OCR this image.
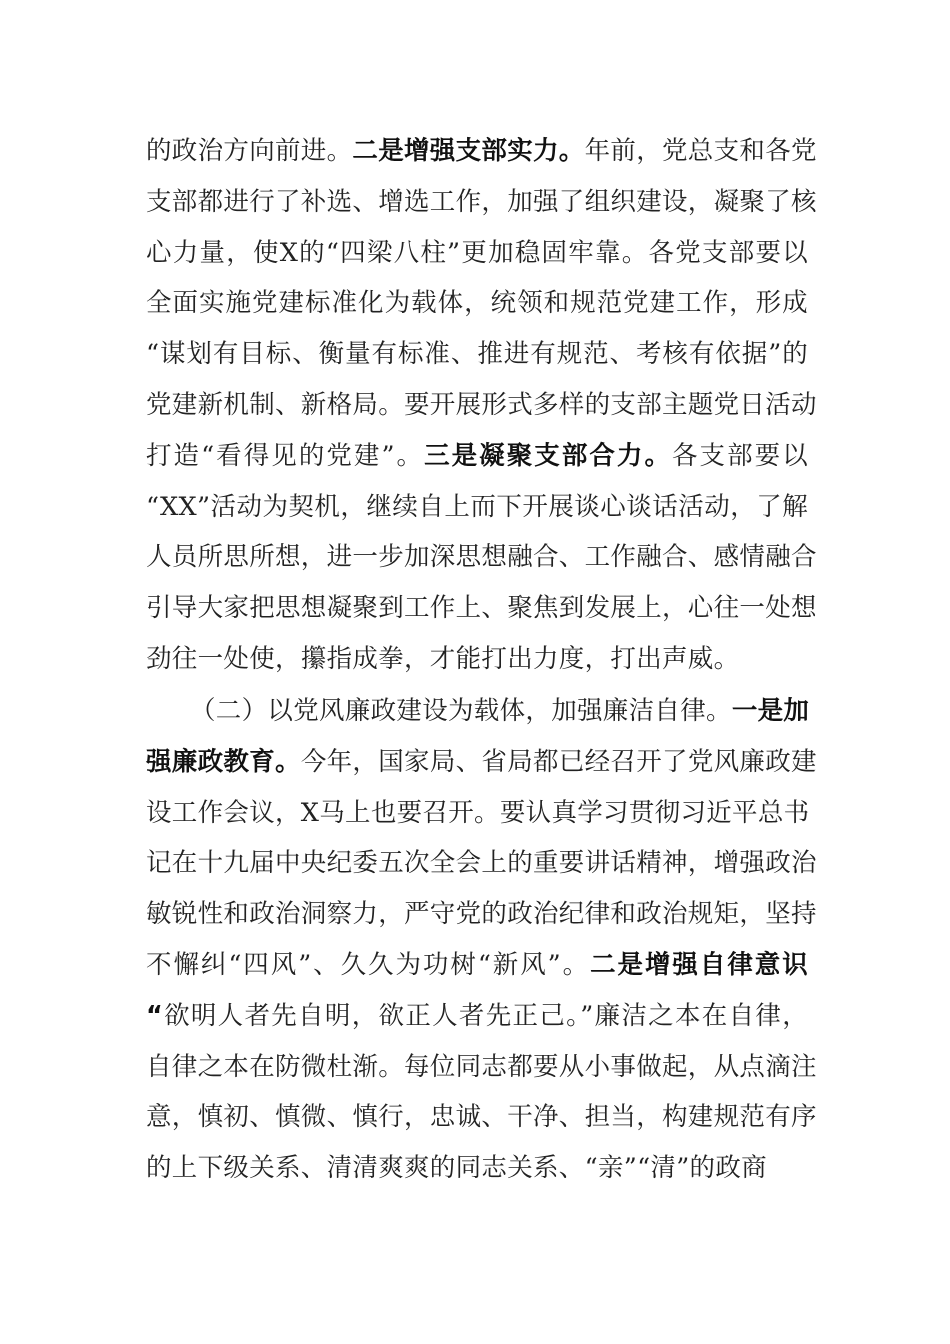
的政治方向前进。二是增强支部实力。年前，党总支和各党
支部都进行了补选、增选工作，加强了组织建设，凝聚了核
心力量，使X的“四梁八柱”更加稳固牢靠。各党支部要以
全面实施党建标准化为载体，统领和规范党建工作，形成
“谋划有目标、衡量有标准、推进有规范、考核有依据”的
党建新机制、新格局。要开展形式多样的支部主题党日活动
打造“看得见的党建”。三是凝聚支部合力。各支部要以
“XX”活动为契机，继续自上而下开展谈心谈话活动，了解
人员所思所想，进一步加深思想融合、工作融合、感情融合
引导大家把思想凝聚到工作上、聚焦到发展上，心往一处想
劲往一处使，攥指成拳，才能打出力度，打出声威。
（二）以党风廉政建设为载体，加强廉洁自律。一是加
强廉政教育。今年，国家局、省局都已经召开了党风廉政建
设工作会议，X马上也要召开。要认真学习贯彻习近平总书
记在十九届中央纪委五次全会上的重要讲话精神，增强政治
敏锐性和政治洞察力，严守党的政治纪律和政治规矩，坚持
不懈纠“四风”、久久为功树“新风”。二是增强自律意识
“欲明人者先自明，欲正人者先正己。”廉洁之本在自律，
自律之本在防微杜渐。每位同志都要从小事做起，从点滴注
意，慎初、慎微、慎行，忠诚、干净、担当，构建规范有序
的上下级关系、清清爽爽的同志关系、“亲”“清”的政商
